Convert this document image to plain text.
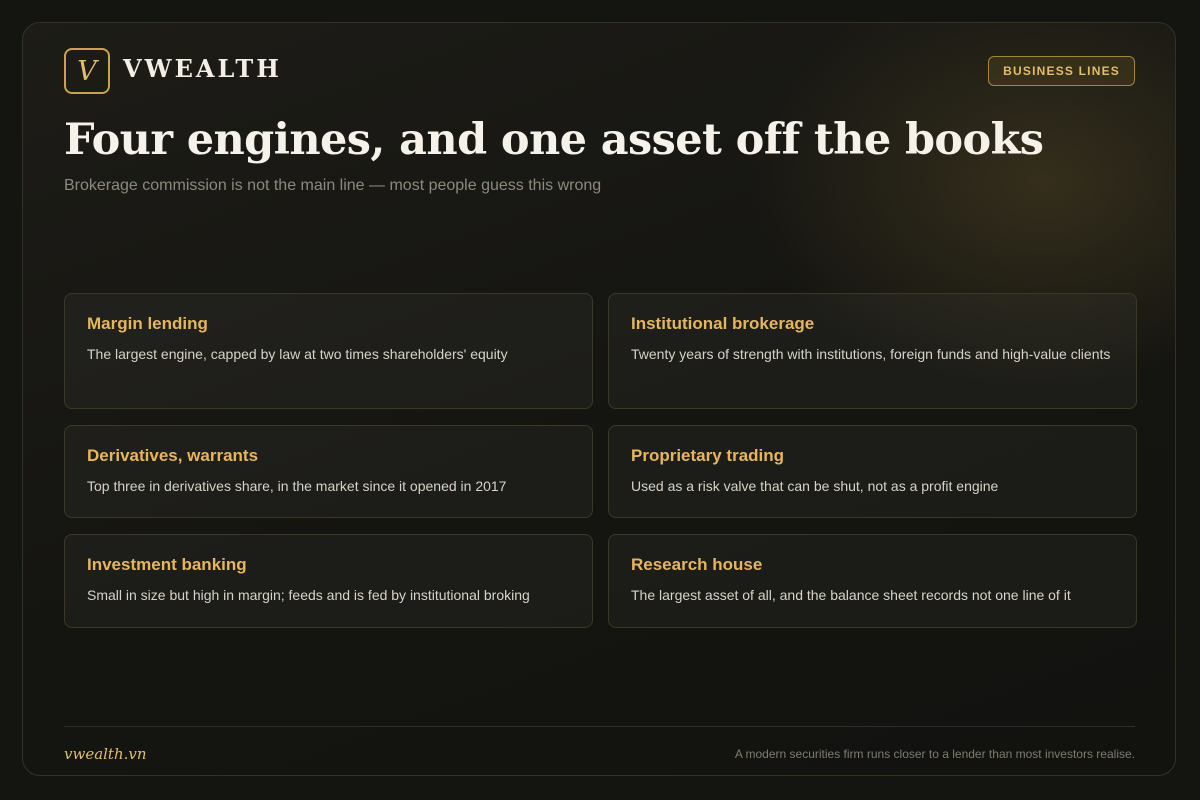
V VWEALTH	BUSINESS LINES
Four engines, and one asset off the books
Brokerage commission is not the main line — most people guess this wrong
Margin lending
The largest engine, capped by law at two times shareholders' equity
Institutional brokerage
Twenty years of strength with institutions, foreign funds and high-value clients
Derivatives, warrants
Top three in derivatives share, in the market since it opened in 2017
Proprietary trading
Used as a risk valve that can be shut, not as a profit engine
Investment banking
Small in size but high in margin; feeds and is fed by institutional broking
Research house
The largest asset of all, and the balance sheet records not one line of it
vwealth.vn	A modern securities firm runs closer to a lender than most investors realise.
